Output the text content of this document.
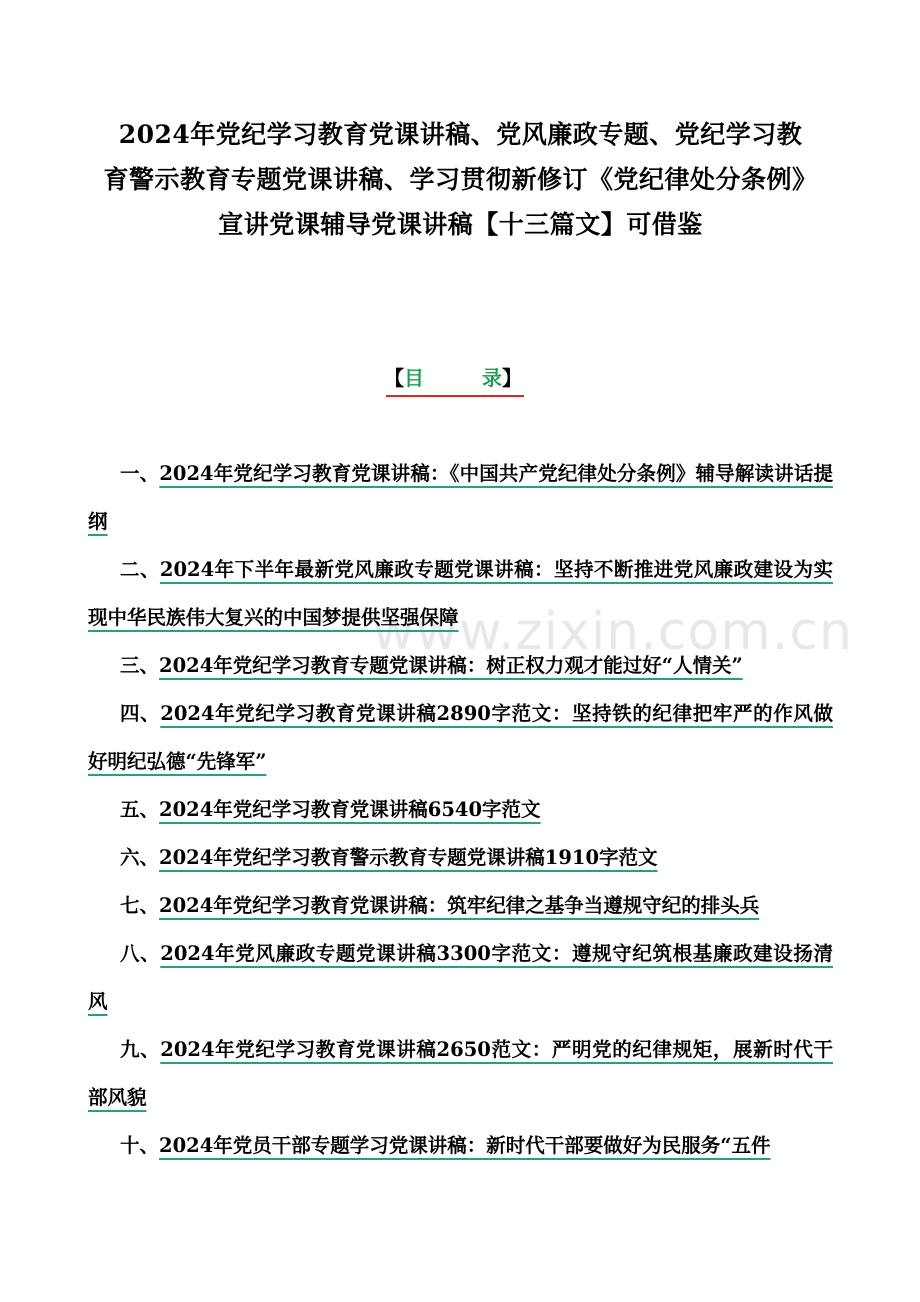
2024年党纪学习教育党课讲稿、党风廉政专题、党纪学习教
育警示教育专题党课讲稿、学习贯彻新修订《党纪律处分条例》
宣讲党课辅导党课讲稿【十三篇文】可借鉴
【目	录】
www.zixin.com.cn
一、2024年党纪学习教育党课讲稿：《中国共产党纪律处分条例》辅导解读讲话提纲
二、2024年下半年最新党风廉政专题党课讲稿：坚持不断推进党风廉政建设为实现中华民族伟大复兴的中国梦提供坚强保障
三、2024年党纪学习教育专题党课讲稿：树正权力观才能过好“人情关”
四、2024年党纪学习教育党课讲稿2890字范文：坚持铁的纪律把牢严的作风做好明纪弘德“先锋军”
五、2024年党纪学习教育党课讲稿6540字范文
六、2024年党纪学习教育警示教育专题党课讲稿1910字范文
七、2024年党纪学习教育党课讲稿：筑牢纪律之基争当遵规守纪的排头兵
八、2024年党风廉政专题党课讲稿3300字范文：遵规守纪筑根基廉政建设扬清风
九、2024年党纪学习教育党课讲稿2650范文：严明党的纪律规矩，展新时代干部风貌
十、2024年党员干部专题学习党课讲稿：新时代干部要做好为民服务“五件
